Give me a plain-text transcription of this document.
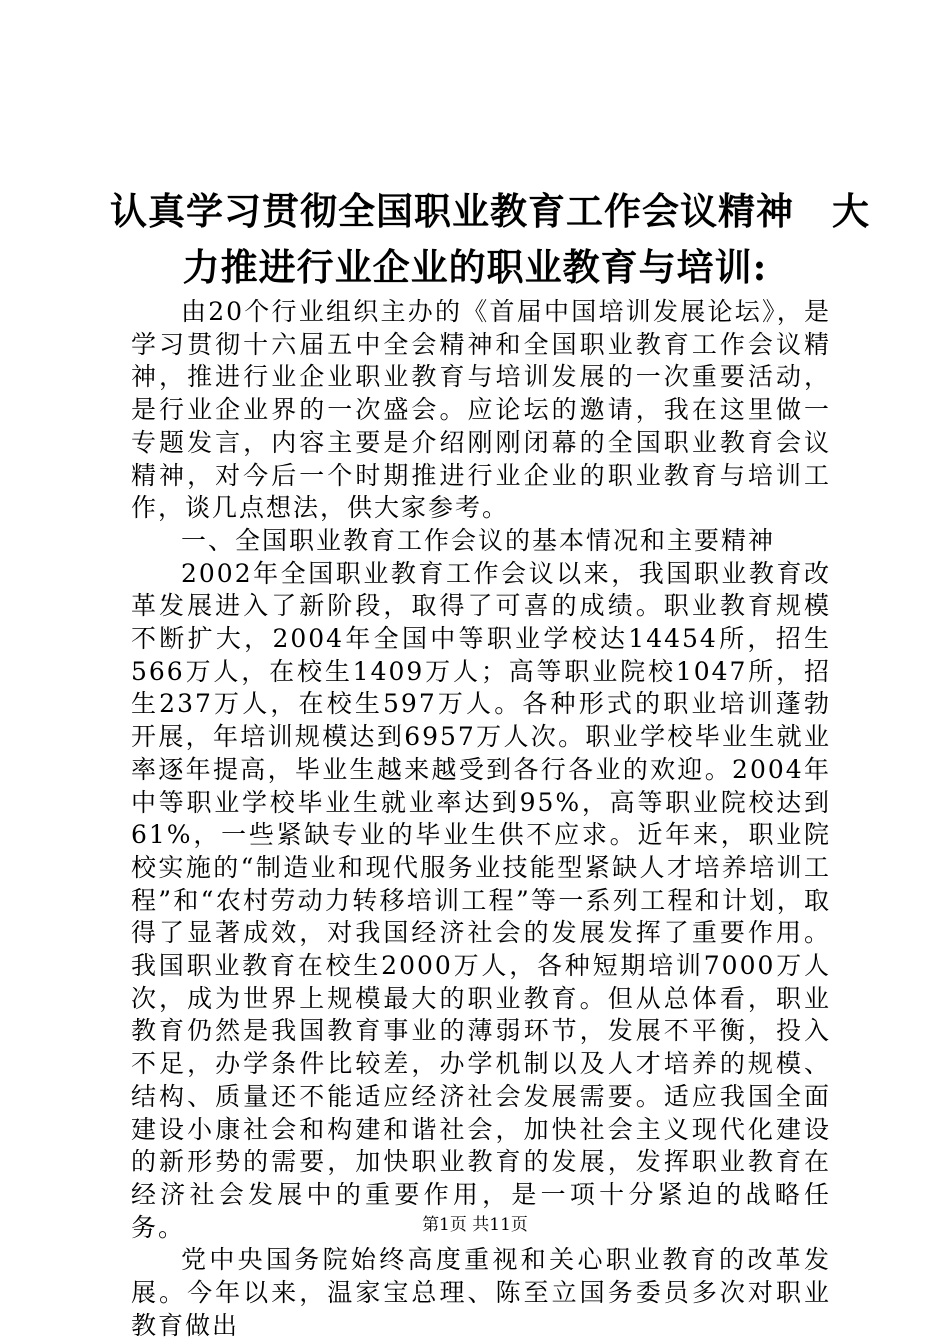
认真学习贯彻全国职业教育工作会议精神　大
力推进行业企业的职业教育与培训:

由20个行业组织主办的《首届中国培训发展论坛》，是学习贯彻十六届五中全会精神和全国职业教育工作会议精神，推进行业企业职业教育与培训发展的一次重要活动，是行业企业界的一次盛会。应论坛的邀请，我在这里做一专题发言，内容主要是介绍刚刚闭幕的全国职业教育会议精神，对今后一个时期推进行业企业的职业教育与培训工作，谈几点想法，供大家参考。

一、全国职业教育工作会议的基本情况和主要精神

2002年全国职业教育工作会议以来，我国职业教育改革发展进入了新阶段，取得了可喜的成绩。职业教育规模不断扩大，2004年全国中等职业学校达14454所，招生566万人，在校生1409万人；高等职业院校1047所，招生237万人，在校生597万人。各种形式的职业培训蓬勃开展，年培训规模达到6957万人次。职业学校毕业生就业率逐年提高，毕业生越来越受到各行各业的欢迎。2004年中等职业学校毕业生就业率达到95%，高等职业院校达到61%，一些紧缺专业的毕业生供不应求。近年来，职业院校实施的“制造业和现代服务业技能型紧缺人才培养培训工程”和“农村劳动力转移培训工程”等一系列工程和计划，取得了显著成效，对我国经济社会的发展发挥了重要作用。我国职业教育在校生2000万人，各种短期培训7000万人次，成为世界上规模最大的职业教育。但从总体看，职业教育仍然是我国教育事业的薄弱环节，发展不平衡，投入不足，办学条件比较差，办学机制以及人才培养的规模、结构、质量还不能适应经济社会发展需要。适应我国全面建设小康社会和构建和谐社会，加快社会主义现代化建设的新形势的需要，加快职业教育的发展，发挥职业教育在经济社会发展中的重要作用，是一项十分紧迫的战略任务。

党中央国务院始终高度重视和关心职业教育的改革发展。今年以来，温家宝总理、陈至立国务委员多次对职业教育做出

第1页 共11页
